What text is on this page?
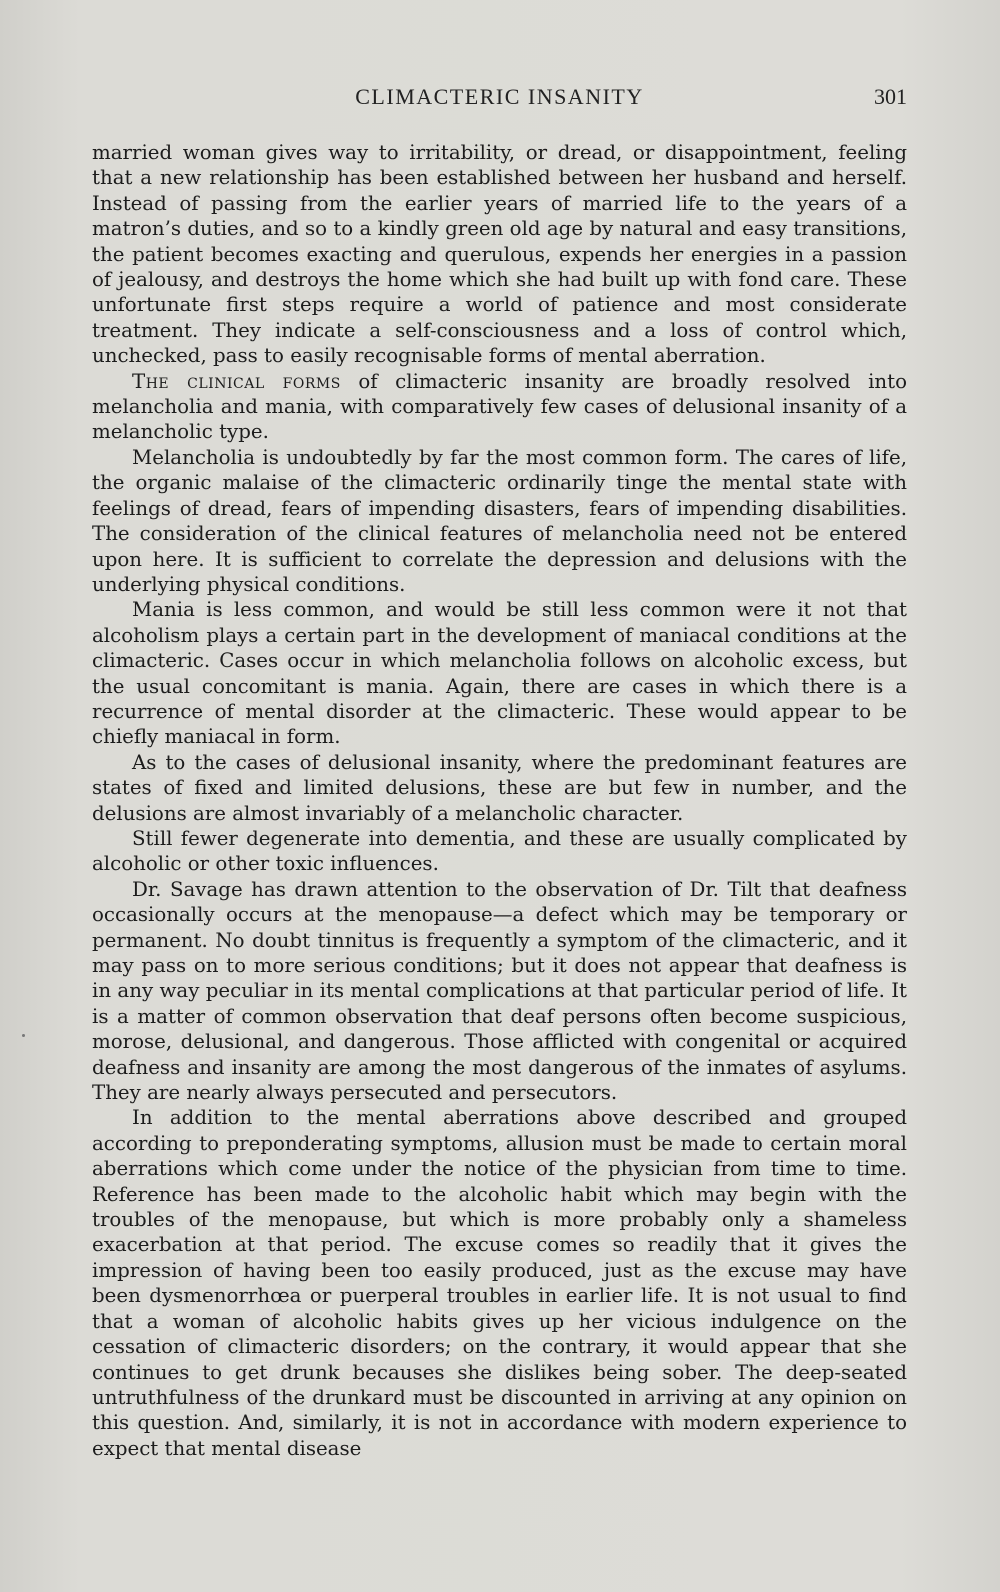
CLIMACTERIC INSANITY	301

married woman gives way to irritability, or dread, or disappointment, feeling that a new relationship has been established between her husband and herself. Instead of passing from the earlier years of married life to the years of a matron’s duties, and so to a kindly green old age by natural and easy transitions, the patient becomes exacting and querulous, expends her energies in a passion of jealousy, and destroys the home which she had built up with fond care. These unfortunate first steps require a world of patience and most considerate treatment. They indicate a self-consciousness and a loss of control which, unchecked, pass to easily recognisable forms of mental aberration.

The clinical forms of climacteric insanity are broadly resolved into melancholia and mania, with comparatively few cases of delusional insanity of a melancholic type.

Melancholia is undoubtedly by far the most common form. The cares of life, the organic malaise of the climacteric ordinarily tinge the mental state with feelings of dread, fears of impending disasters, fears of impending disabilities. The consideration of the clinical features of melancholia need not be entered upon here. It is sufficient to correlate the depression and delusions with the underlying physical conditions.

Mania is less common, and would be still less common were it not that alcoholism plays a certain part in the development of maniacal conditions at the climacteric. Cases occur in which melancholia follows on alcoholic excess, but the usual concomitant is mania. Again, there are cases in which there is a recurrence of mental disorder at the climacteric. These would appear to be chiefly maniacal in form.

As to the cases of delusional insanity, where the predominant features are states of fixed and limited delusions, these are but few in number, and the delusions are almost invariably of a melancholic character.

Still fewer degenerate into dementia, and these are usually complicated by alcoholic or other toxic influences.

Dr. Savage has drawn attention to the observation of Dr. Tilt that deafness occasionally occurs at the menopause—a defect which may be temporary or permanent. No doubt tinnitus is frequently a symptom of the climacteric, and it may pass on to more serious conditions; but it does not appear that deafness is in any way peculiar in its mental complications at that particular period of life. It is a matter of common observation that deaf persons often become suspicious, morose, delusional, and dangerous. Those afflicted with congenital or acquired deafness and insanity are among the most dangerous of the inmates of asylums. They are nearly always persecuted and persecutors.

In addition to the mental aberrations above described and grouped according to preponderating symptoms, allusion must be made to certain moral aberrations which come under the notice of the physician from time to time. Reference has been made to the alcoholic habit which may begin with the troubles of the menopause, but which is more probably only a shameless exacerbation at that period. The excuse comes so readily that it gives the impression of having been too easily produced, just as the excuse may have been dysmenorrhœa or puerperal troubles in earlier life. It is not usual to find that a woman of alcoholic habits gives up her vicious indulgence on the cessation of climacteric disorders; on the contrary, it would appear that she continues to get drunk becauses she dislikes being sober. The deep-seated untruthfulness of the drunkard must be discounted in arriving at any opinion on this question. And, similarly, it is not in accordance with modern experience to expect that mental disease
